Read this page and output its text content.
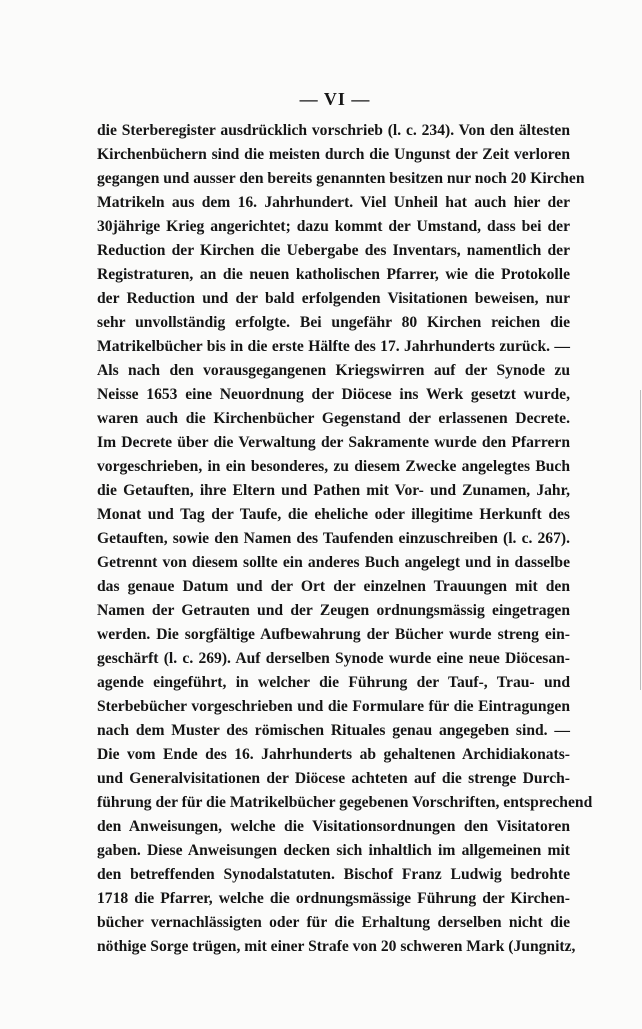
— VI —
die Sterberegister ausdrücklich vorschrieb (l. c. 234). Von den ältesten
Kirchenbüchern sind die meisten durch die Ungunst der Zeit verloren
gegangen und ausser den bereits genannten besitzen nur noch 20 Kirchen
Matrikeln aus dem 16. Jahrhundert. Viel Unheil hat auch hier der
30jährige Krieg angerichtet; dazu kommt der Umstand, dass bei der
Reduction der Kirchen die Uebergabe des Inventars, namentlich der
Registraturen, an die neuen katholischen Pfarrer, wie die Protokolle
der Reduction und der bald erfolgenden Visitationen beweisen, nur
sehr unvollständig erfolgte. Bei ungefähr 80 Kirchen reichen die
Matrikelbücher bis in die erste Hälfte des 17. Jahrhunderts zurück. —
Als nach den vorausgegangenen Kriegswirren auf der Synode zu
Neisse 1653 eine Neuordnung der Diöcese ins Werk gesetzt wurde,
waren auch die Kirchenbücher Gegenstand der erlassenen Decrete.
Im Decrete über die Verwaltung der Sakramente wurde den Pfarrern
vorgeschrieben, in ein besonderes, zu diesem Zwecke angelegtes Buch
die Getauften, ihre Eltern und Pathen mit Vor- und Zunamen, Jahr,
Monat und Tag der Taufe, die eheliche oder illegitime Herkunft des
Getauften, sowie den Namen des Taufenden einzuschreiben (l. c. 267).
Getrennt von diesem sollte ein anderes Buch angelegt und in dasselbe
das genaue Datum und der Ort der einzelnen Trauungen mit den
Namen der Getrauten und der Zeugen ordnungsmässig eingetragen
werden. Die sorgfältige Aufbewahrung der Bücher wurde streng ein-
geschärft (l. c. 269). Auf derselben Synode wurde eine neue Diöcesan-
agende eingeführt, in welcher die Führung der Tauf-, Trau- und
Sterbebücher vorgeschrieben und die Formulare für die Eintragungen
nach dem Muster des römischen Rituales genau angegeben sind. —
Die vom Ende des 16. Jahrhunderts ab gehaltenen Archidiakonats-
und Generalvisitationen der Diöcese achteten auf die strenge Durch-
führung der für die Matrikelbücher gegebenen Vorschriften, entsprechend
den Anweisungen, welche die Visitationsordnungen den Visitatoren
gaben. Diese Anweisungen decken sich inhaltlich im allgemeinen mit
den betreffenden Synodalstatuten. Bischof Franz Ludwig bedrohte
1718 die Pfarrer, welche die ordnungsmässige Führung der Kirchen-
bücher vernachlässigten oder für die Erhaltung derselben nicht die
nöthige Sorge trügen, mit einer Strafe von 20 schweren Mark (Jungnitz,
